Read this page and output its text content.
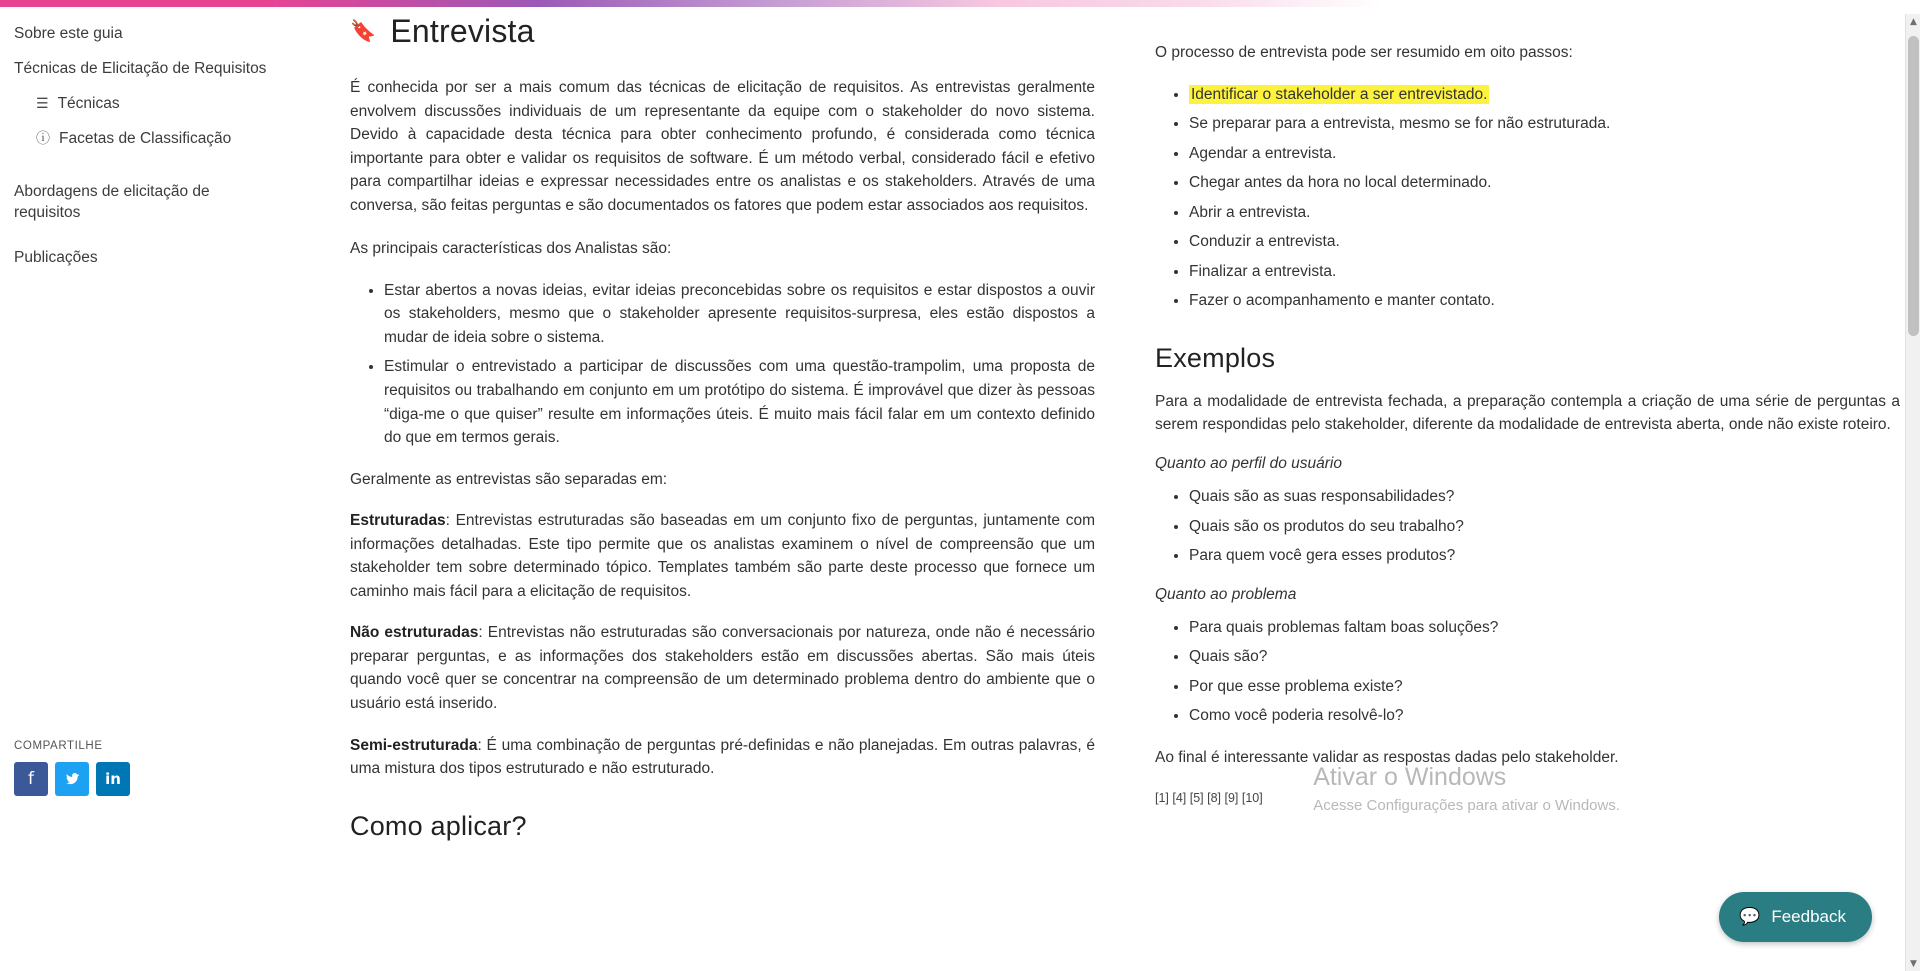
Sobre este guia
Técnicas de Elicitação de Requisitos
☰ Técnicas
ⓘ Facetas de Classificação
Abordagens de elicitação de requisitos
Publicações
COMPARTILHE
f	in
🔖 Entrevista

É conhecida por ser a mais comum das técnicas de elicitação de requisitos. As entrevistas geralmente envolvem discussões individuais de um representante da equipe com o stakeholder do novo sistema. Devido à capacidade desta técnica para obter conhecimento profundo, é considerada como técnica importante para obter e validar os requisitos de software. É um método verbal, considerado fácil e efetivo para compartilhar ideias e expressar necessidades entre os analistas e os stakeholders. Através de uma conversa, são feitas perguntas e são documentados os fatores que podem estar associados aos requisitos.

As principais características dos Analistas são:

• Estar abertos a novas ideias, evitar ideias preconcebidas sobre os requisitos e estar dispostos a ouvir os stakeholders, mesmo que o stakeholder apresente requisitos-surpresa, eles estão dispostos a mudar de ideia sobre o sistema.
• Estimular o entrevistado a participar de discussões com uma questão-trampolim, uma proposta de requisitos ou trabalhando em conjunto em um protótipo do sistema. É improvável que dizer às pessoas “diga-me o que quiser” resulte em informações úteis. É muito mais fácil falar em um contexto definido do que em termos gerais.

Geralmente as entrevistas são separadas em:

Estruturadas: Entrevistas estruturadas são baseadas em um conjunto fixo de perguntas, juntamente com informações detalhadas. Este tipo permite que os analistas examinem o nível de compreensão que um stakeholder tem sobre determinado tópico. Templates também são parte deste processo que fornece um caminho mais fácil para a elicitação de requisitos.

Não estruturadas: Entrevistas não estruturadas são conversacionais por natureza, onde não é necessário preparar perguntas, e as informações dos stakeholders estão em discussões abertas. São mais úteis quando você quer se concentrar na compreensão de um determinado problema dentro do ambiente que o usuário está inserido.

Semi-estruturada: É uma combinação de perguntas pré-definidas e não planejadas. Em outras palavras, é uma mistura dos tipos estruturado e não estruturado.

Como aplicar?

O processo de entrevista pode ser resumido em oito passos:

• Identificar o stakeholder a ser entrevistado.
• Se preparar para a entrevista, mesmo se for não estruturada.
• Agendar a entrevista.
• Chegar antes da hora no local determinado.
• Abrir a entrevista.
• Conduzir a entrevista.
• Finalizar a entrevista.
• Fazer o acompanhamento e manter contato.
Exemplos

Para a modalidade de entrevista fechada, a preparação contempla a criação de uma série de perguntas a serem respondidas pelo stakeholder, diferente da modalidade de entrevista aberta, onde não existe roteiro.

Quanto ao perfil do usuário

• Quais são as suas responsabilidades?
• Quais são os produtos do seu trabalho?
• Para quem você gera esses produtos?

Quanto ao problema

• Para quais problemas faltam boas soluções?
• Quais são?
• Por que esse problema existe?
• Como você poderia resolvê-lo?

Ao final é interessante validar as respostas dadas pelo stakeholder.

[1] [4] [5] [8] [9] [10]
Ativar o Windows
Acesse Configurações para ativar o Windows.
💬 Feedback
▲
▼
